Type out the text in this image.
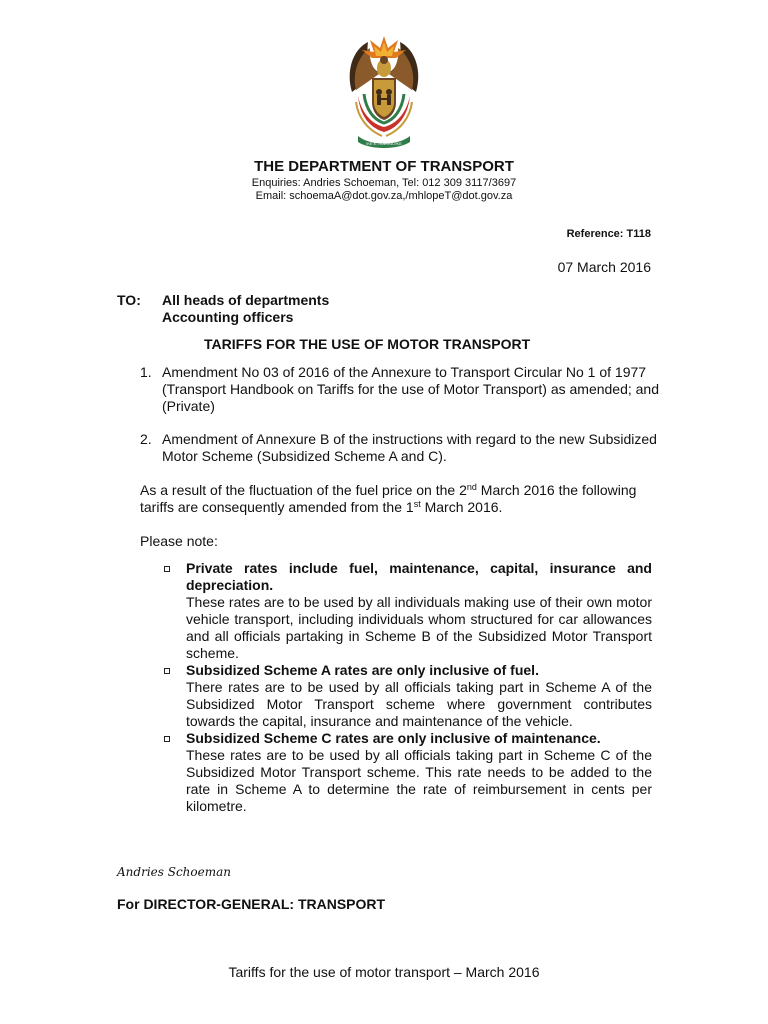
!KE E: /XARRA //KE
THE DEPARTMENT OF TRANSPORT
Enquiries: Andries Schoeman, Tel: 012 309 3117/3697
Email: schoemaA@dot.gov.za,/mhlopeT@dot.gov.za
Reference: T118
07 March 2016
TO: All heads of departments
Accounting officers
TARIFFS FOR THE USE OF MOTOR TRANSPORT
1. Amendment No 03 of 2016 of the Annexure to Transport Circular No 1 of 1977 (Transport Handbook on Tariffs for the use of Motor Transport) as amended; and (Private)
2. Amendment of Annexure B of the instructions with regard to the new Subsidized Motor Scheme (Subsidized Scheme A and C).
As a result of the fluctuation of the fuel price on the 2nd March 2016 the following tariffs are consequently amended from the 1st March 2016.
Please note:
Private rates include fuel, maintenance, capital, insurance and depreciation.
These rates are to be used by all individuals making use of their own motor vehicle transport, including individuals whom structured for car allowances and all officials partaking in Scheme B of the Subsidized Motor Transport scheme.
Subsidized Scheme A rates are only inclusive of fuel.
There rates are to be used by all officials taking part in Scheme A of the Subsidized Motor Transport scheme where government contributes towards the capital, insurance and maintenance of the vehicle.
Subsidized Scheme C rates are only inclusive of maintenance.
These rates are to be used by all officials taking part in Scheme C of the Subsidized Motor Transport scheme. This rate needs to be added to the rate in Scheme A to determine the rate of reimbursement in cents per kilometre.
Andries Schoeman
For DIRECTOR-GENERAL: TRANSPORT
Tariffs for the use of motor transport – March 2016
